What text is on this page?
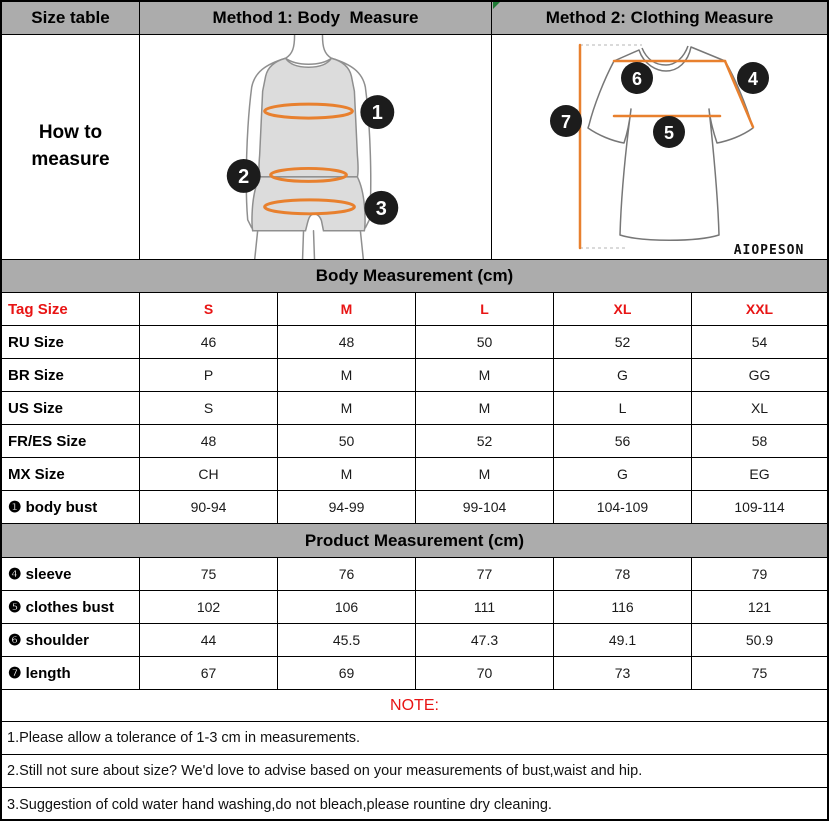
Size table	Method 1: Body  Measure	Method 2: Clothing Measure
How to
measure
1
2
3
6	4
5
7
AIOPESON
Body Measurement (cm)
Tag Size	S	M	L	XL	XXL
RU Size	46	48	50	52	54
BR Size	P	M	M	G	GG
US Size	S	M	M	L	XL
FR/ES Size	48	50	52	56	58
MX Size	CH	M	M	G	EG
❶ body bust	90-94	94-99	99-104	104-109	109-114
Product Measurement (cm)
❹ sleeve	75	76	77	78	79
❺ clothes bust	102	106	111	116	121
❻ shoulder	44	45.5	47.3	49.1	50.9
❼ length	67	69	70	73	75
NOTE:
1.Please allow a tolerance of 1-3 cm in measurements.
2.Still not sure about size? We'd love to advise based on your measurements of bust,waist and hip.
3.Suggestion of cold water hand washing,do not bleach,please rountine dry cleaning.
